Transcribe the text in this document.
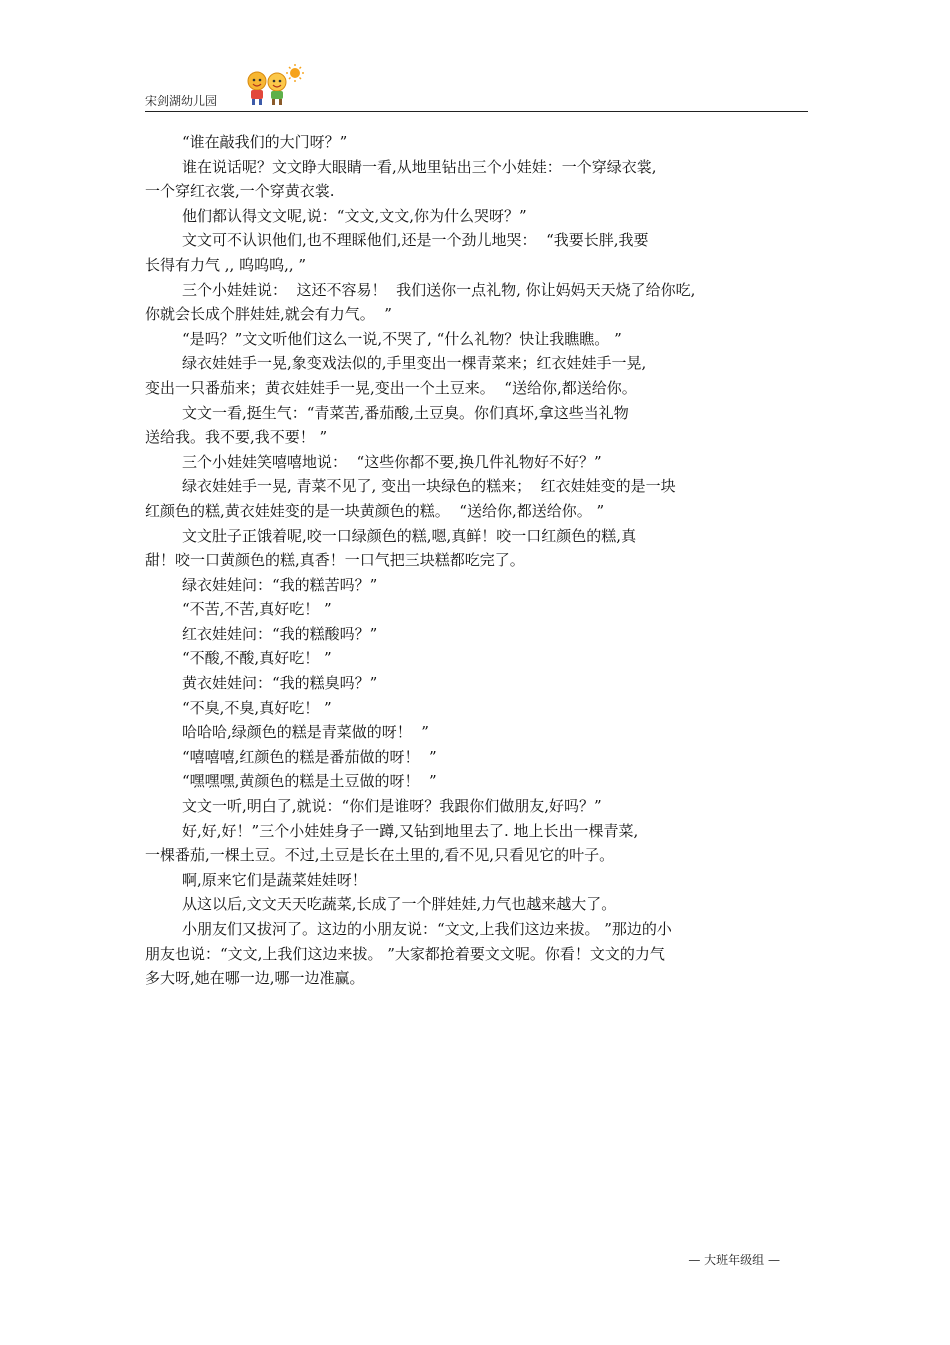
宋剑湖幼儿园

“谁在敲我们的大门呀？”

谁在说话呢？文文睁大眼睛一看,从地里钻出三个小娃娃：一个穿绿衣裳,
一个穿红衣裳,一个穿黄衣裳.

他们都认得文文呢,说：“文文,文文,你为什么哭呀？”

文文可不认识他们,也不理睬他们,还是一个劲儿地哭：  “我要长胖,我要
长得有力气 ,, 呜呜呜,, ”

三个小娃娃说：  这还不容易！  我们送你一点礼物, 你让妈妈天天烧了给你吃,
你就会长成个胖娃娃,就会有力气。  ”

“是吗？”文文听他们这么一说,不哭了, “什么礼物？快让我瞧瞧。 ”

绿衣娃娃手一晃,象变戏法似的,手里变出一棵青菜来；红衣娃娃手一晃,
变出一只番茄来；黄衣娃娃手一晃,变出一个土豆来。  “送给你,都送给你。

文文一看,挺生气：“青菜苦,番茄酸,土豆臭。你们真坏,拿这些当礼物
送给我。我不要,我不要！ ”

三个小娃娃笑嘻嘻地说：  “这些你都不要,换几件礼物好不好？”

绿衣娃娃手一晃, 青菜不见了, 变出一块绿色的糕来；  红衣娃娃变的是一块
红颜色的糕,黄衣娃娃变的是一块黄颜色的糕。  “送给你,都送给你。 ”

文文肚子正饿着呢,咬一口绿颜色的糕,嗯,真鲜！咬一口红颜色的糕,真
甜！咬一口黄颜色的糕,真香！一口气把三块糕都吃完了。

绿衣娃娃问：“我的糕苦吗？”

“不苦,不苦,真好吃！ ”

红衣娃娃问：“我的糕酸吗？”

“不酸,不酸,真好吃！ ”

黄衣娃娃问：“我的糕臭吗？”

“不臭,不臭,真好吃！ ”

哈哈哈,绿颜色的糕是青菜做的呀！  ”

“嘻嘻嘻,红颜色的糕是番茄做的呀！  ”

“嘿嘿嘿,黄颜色的糕是土豆做的呀！  ”

文文一听,明白了,就说：“你们是谁呀？我跟你们做朋友,好吗？”

好,好,好！”三个小娃娃身子一蹲,又钻到地里去了. 地上长出一棵青菜,
一棵番茄,一棵土豆。不过,土豆是长在土里的,看不见,只看见它的叶子。

啊,原来它们是蔬菜娃娃呀！

从这以后,文文天天吃蔬菜,长成了一个胖娃娃,力气也越来越大了。

小朋友们又拔河了。这边的小朋友说：“文文,上我们这边来拔。 ”那边的小
朋友也说：“文文,上我们这边来拔。 ”大家都抢着要文文呢。你看！文文的力气
多大呀,她在哪一边,哪一边准赢。

— 大班年级组 —
